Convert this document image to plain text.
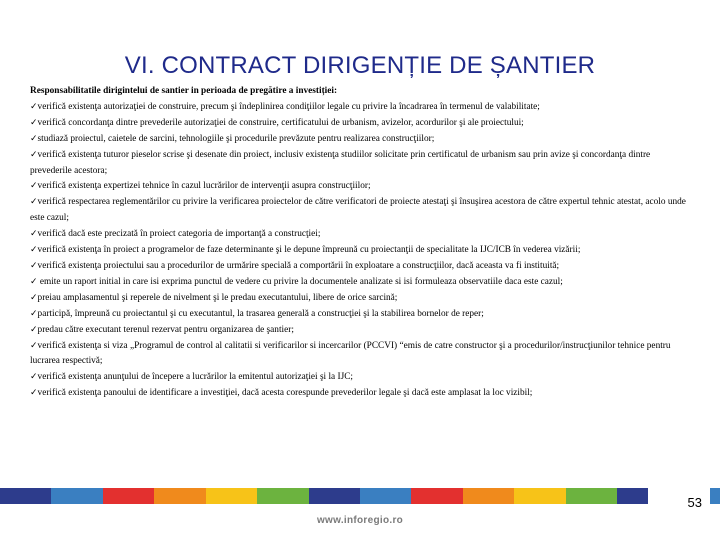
VI. CONTRACT DIRIGENȚIE DE ȘANTIER
Responsabilitatile dirigintelui de santier in perioada de pregătire a investiției:
✓verifică existenţa autorizaţiei de construire, precum şi îndeplinirea condiţiilor legale cu privire la încadrarea în termenul de valabilitate;
✓verifică concordanţa dintre prevederile autorizaţiei de construire, certificatului de urbanism, avizelor, acordurilor şi ale proiectului;
✓studiază proiectul, caietele de sarcini, tehnologiile şi procedurile prevăzute pentru realizarea construcţiilor;
✓verifică existenţa tuturor pieselor scrise şi desenate din proiect, inclusiv existenţa studiilor solicitate prin certificatul de urbanism sau prin avize şi concordanţa dintre prevederile acestora;
✓verifică existenţa expertizei tehnice în cazul lucrărilor de intervenţii asupra construcţiilor;
✓verifică respectarea reglementărilor cu privire la verificarea proiectelor de către verificatori de proiecte atestaţi şi însuşirea acestora de către expertul tehnic atestat, acolo unde este cazul;
✓verifică dacă este precizată în proiect categoria de importanţă a construcţiei;
✓verifică existenţa în proiect a programelor de faze determinante şi le depune împreună cu proiectanţii de specialitate la IJC/ICB în vederea vizării;
✓verifică existenţa proiectului sau a procedurilor de urmărire specială a comportării în exploatare a construcţiilor, dacă aceasta va fi instituită;
✓ emite un raport initial in care isi exprima punctul de vedere cu privire la documentele analizate si isi formuleaza observatiile daca este cazul;
✓preiau amplasamentul şi reperele de nivelment şi le predau executantului, libere de orice sarcină;
✓participă, împreună cu proiectantul şi cu executantul, la trasarea generală a construcţiei şi la stabilirea bornelor de reper;
✓predau către executant terenul rezervat pentru organizarea de şantier;
✓verifică existenţa si viza „Programul de control al calitatii si verificarilor si incercarilor (PCCVI) “emis de catre constructor şi a procedurilor/instrucţiunilor tehnice pentru lucrarea respectivă;
✓verifică existenţa anunţului de începere a lucrărilor la emitentul autorizaţiei şi la IJC;
✓verifică existenţa panoului de identificare a investiţiei, dacă acesta corespunde prevederilor legale şi dacă este amplasat la loc vizibil;
53
www.inforegio.ro
